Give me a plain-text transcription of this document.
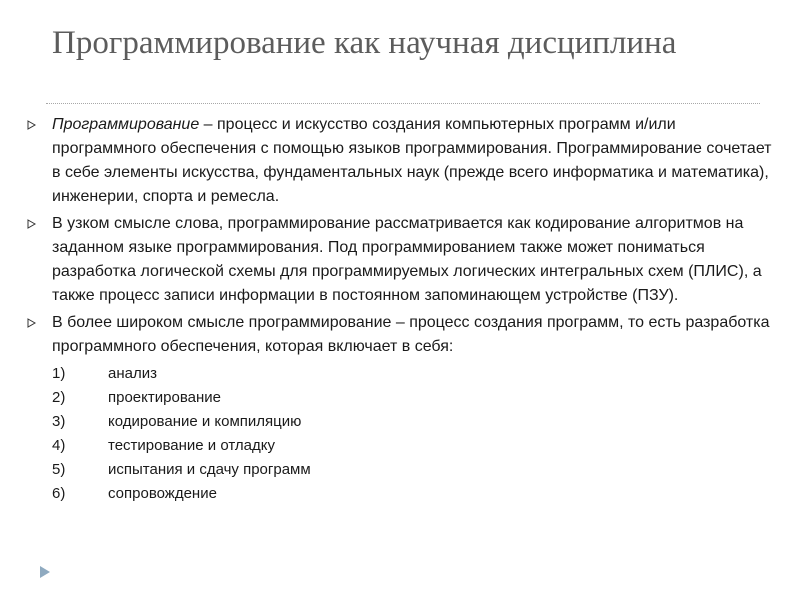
Программирование как научная дисциплина
Программирование – процесс и искусство создания компьютерных программ и/или программного обеспечения с помощью языков программирования. Программирование сочетает в себе элементы искусства, фундаментальных наук (прежде всего информатика и математика), инженерии, спорта и ремесла.
В узком смысле слова, программирование рассматривается как кодирование алгоритмов на заданном языке программирования. Под программированием также может пониматься разработка логической схемы для программируемых логических интегральных схем (ПЛИС), а также процесс записи информации в постоянном запоминающем устройстве (ПЗУ).
В более широком смысле программирование – процесс создания программ, то есть разработка программного обеспечения, которая включает в себя:
1)	анализ
2)	проектирование
3)	кодирование и компиляцию
4)	тестирование и отладку
5)	испытания и сдачу программ
6)	сопровождение
